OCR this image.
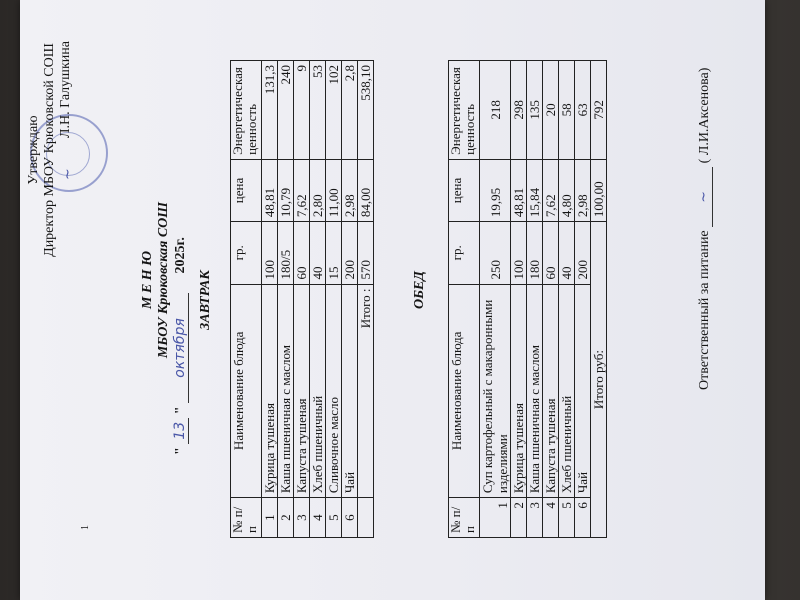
1
Утверждаю Директор МБОУ Крюковской СОШ ~
Л.Н. Галушкина
М Е Н Ю МБОУ Крюковская СОШ
" 13 " октября 2025г.
ЗАВТРАК
№ п/п	Наименование блюда	гр.	цена	Энергетическая ценность
1	Курица тушеная	100	48,81	131,3
2	Каша пшеничная с маслом	180/5	10,79	240
3	Капуста тушеная	60	7,62	9
4	Хлеб пшеничный	40	2,80	53
5	Сливочное масло	15	11,00	102
6	Чай	200	2,98	2,8
	Итого :	570	84,00	538,10
ОБЕД
№ п/п	Наименование блюда	гр.	цена	Энергетическая ценность
1	Суп картофельный с макаронными изделиями	250	19,95	218
2	Курица тушеная	100	48,81	298
3	Каша пшеничная с маслом	180	15,84	135
4	Капуста тушеная	60	7,62	20
5	Хлеб пшеничный	40	4,80	58
6	Чай	200	2,98	63
Итого руб:			100,00	792
Ответственный за питание ~ ( Л.И.Аксенова)
